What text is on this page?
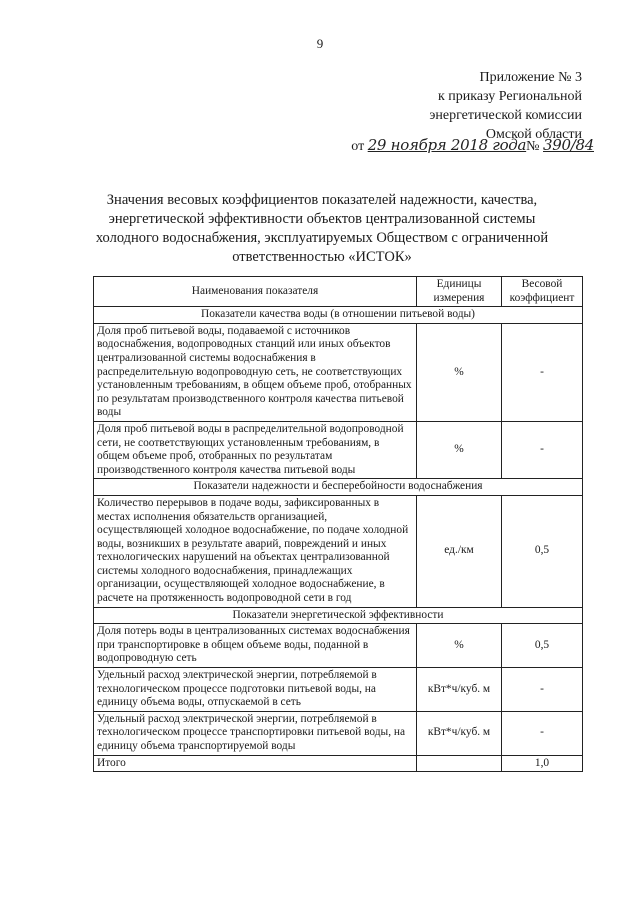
9
Приложение № 3
к приказу Региональной
энергетической комиссии
Омской области
от 29 ноября 2018 года№ 390/84
Значения весовых коэффициентов показателей надежности, качества, энергетической эффективности объектов централизованной системы холодного водоснабжения, эксплуатируемых Обществом с ограниченной ответственностью «ИСТОК»
Наименования показателя	Единицы измерения	Весовой коэффициент
Показатели качества воды (в отношении питьевой воды)		
Доля проб питьевой воды, подаваемой с источников водоснабжения, водопроводных станций или иных объектов централизованной системы водоснабжения в распределительную водопроводную сеть, не соответствующих установленным требованиям, в общем объеме проб, отобранных по результатам производственного контроля качества питьевой воды	%	-
Доля проб питьевой воды в распределительной водопроводной сети, не соответствующих установленным требованиям, в общем объеме проб, отобранных по результатам производственного контроля качества питьевой воды	%	-
Показатели надежности и бесперебойности водоснабжения		
Количество перерывов в подаче воды, зафиксированных в местах исполнения обязательств организацией, осуществляющей холодное водоснабжение, по подаче холодной воды, возникших в результате аварий, повреждений и иных технологических нарушений на объектах централизованной системы холодного водоснабжения, принадлежащих организации, осуществляющей холодное водоснабжение, в расчете на протяженность водопроводной сети в год	ед./км	0,5
Показатели энергетической эффективности		
Доля потерь воды в централизованных системах водоснабжения при транспортировке в общем объеме воды, поданной в водопроводную сеть	%	0,5
Удельный расход электрической энергии, потребляемой в технологическом процессе подготовки питьевой воды, на единицу объема воды, отпускаемой в сеть	кВт*ч/куб. м	-
Удельный расход электрической энергии, потребляемой в технологическом процессе транспортировки питьевой воды, на единицу объема транспортируемой воды	кВт*ч/куб. м	-
Итого		1,0
